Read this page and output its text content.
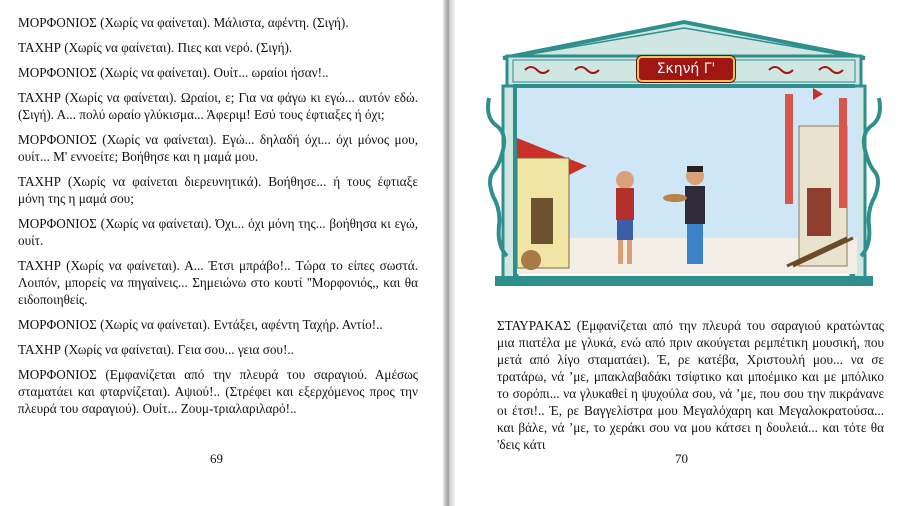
ΜΟΡΦΟΝΙΟΣ (Χωρίς να φαίνεται). Μάλιστα, αφέντη. (Σιγή).

ΤΑΧΗΡ (Χωρίς να φαίνεται). Πιες και νερό. (Σιγή).

ΜΟΡΦΟΝΙΟΣ (Χωρίς να φαίνεται). Ουίτ... ωραίοι ήσαν!..

ΤΑΧΗΡ (Χωρίς να φαίνεται). Ωραίοι, ε; Για να φάγω κι εγώ... αυτόν εδώ. (Σιγή). Α... πολύ ωραίο γλύκισμα... Άφεριμ! Εσύ τους έφτιαξες ή όχι;

ΜΟΡΦΟΝΙΟΣ (Χωρίς να φαίνεται). Εγώ... δηλαδή όχι... όχι μόνος μου, ουίτ... Μ' εννοείτε; Βοήθησε και η μαμά μου.

ΤΑΧΗΡ (Χωρίς να φαίνεται διερευνητικά). Βοήθησε... ή τους έφτιαξε μόνη της η μαμά σου;

ΜΟΡΦΟΝΙΟΣ (Χωρίς να φαίνεται). Όχι... όχι μόνη της... βοήθησα κι εγώ, ουίτ.

ΤΑΧΗΡ (Χωρίς να φαίνεται). Α... Έτσι μπράβο!.. Τώρα το είπες σωστά. Λοιπόν, μπορείς να πηγαίνεις... Σημειώνω στο κουτί ''Μορφονιός,, και θα ειδοποιηθείς.

ΜΟΡΦΟΝΙΟΣ (Χωρίς να φαίνεται). Εντάξει, αφέντη Ταχήρ. Αντίο!..

ΤΑΧΗΡ (Χωρίς να φαίνεται). Γεια σου... γεια σου!..

ΜΟΡΦΟΝΙΟΣ (Εμφανίζεται από την πλευρά του σαραγιού. Αμέσως σταματάει και φταρνίζεται). Αψιού!.. (Στρέφει και εξερχόμενος προς την πλευρά του σαραγιού). Ουίτ... Ζουμ-τριαλαριλαρό!..

69
Σκηνή Γ'
ΣΤΑΥΡΑΚΑΣ (Εμφανίζεται από την πλευρά του σαραγιού κρατώντας μια πιατέλα με γλυκά, ενώ από πριν ακούγεται ρεμπέτικη μουσική, που μετά από λίγο σταματάει). Έ, ρε κατέβα, Χριστουλή μου... να σε τρατάρω, νά ʼμε, μπακλαβαδάκι τσίφτικο και μποέμικο και με μπόλικο το σορόπι... να γλυκαθεί η ψυχούλα σου, νά ʼμε, που σου την πικράνανε οι έτσι!.. Έ, ρε Βαγγελίστρα μου Μεγαλόχαρη και Μεγαλοκρατούσα... και βάλε, νά ʼμε, το χεράκι σου να μου κάτσει η δουλειά... και τότε θα 'δεις κάτι
70
